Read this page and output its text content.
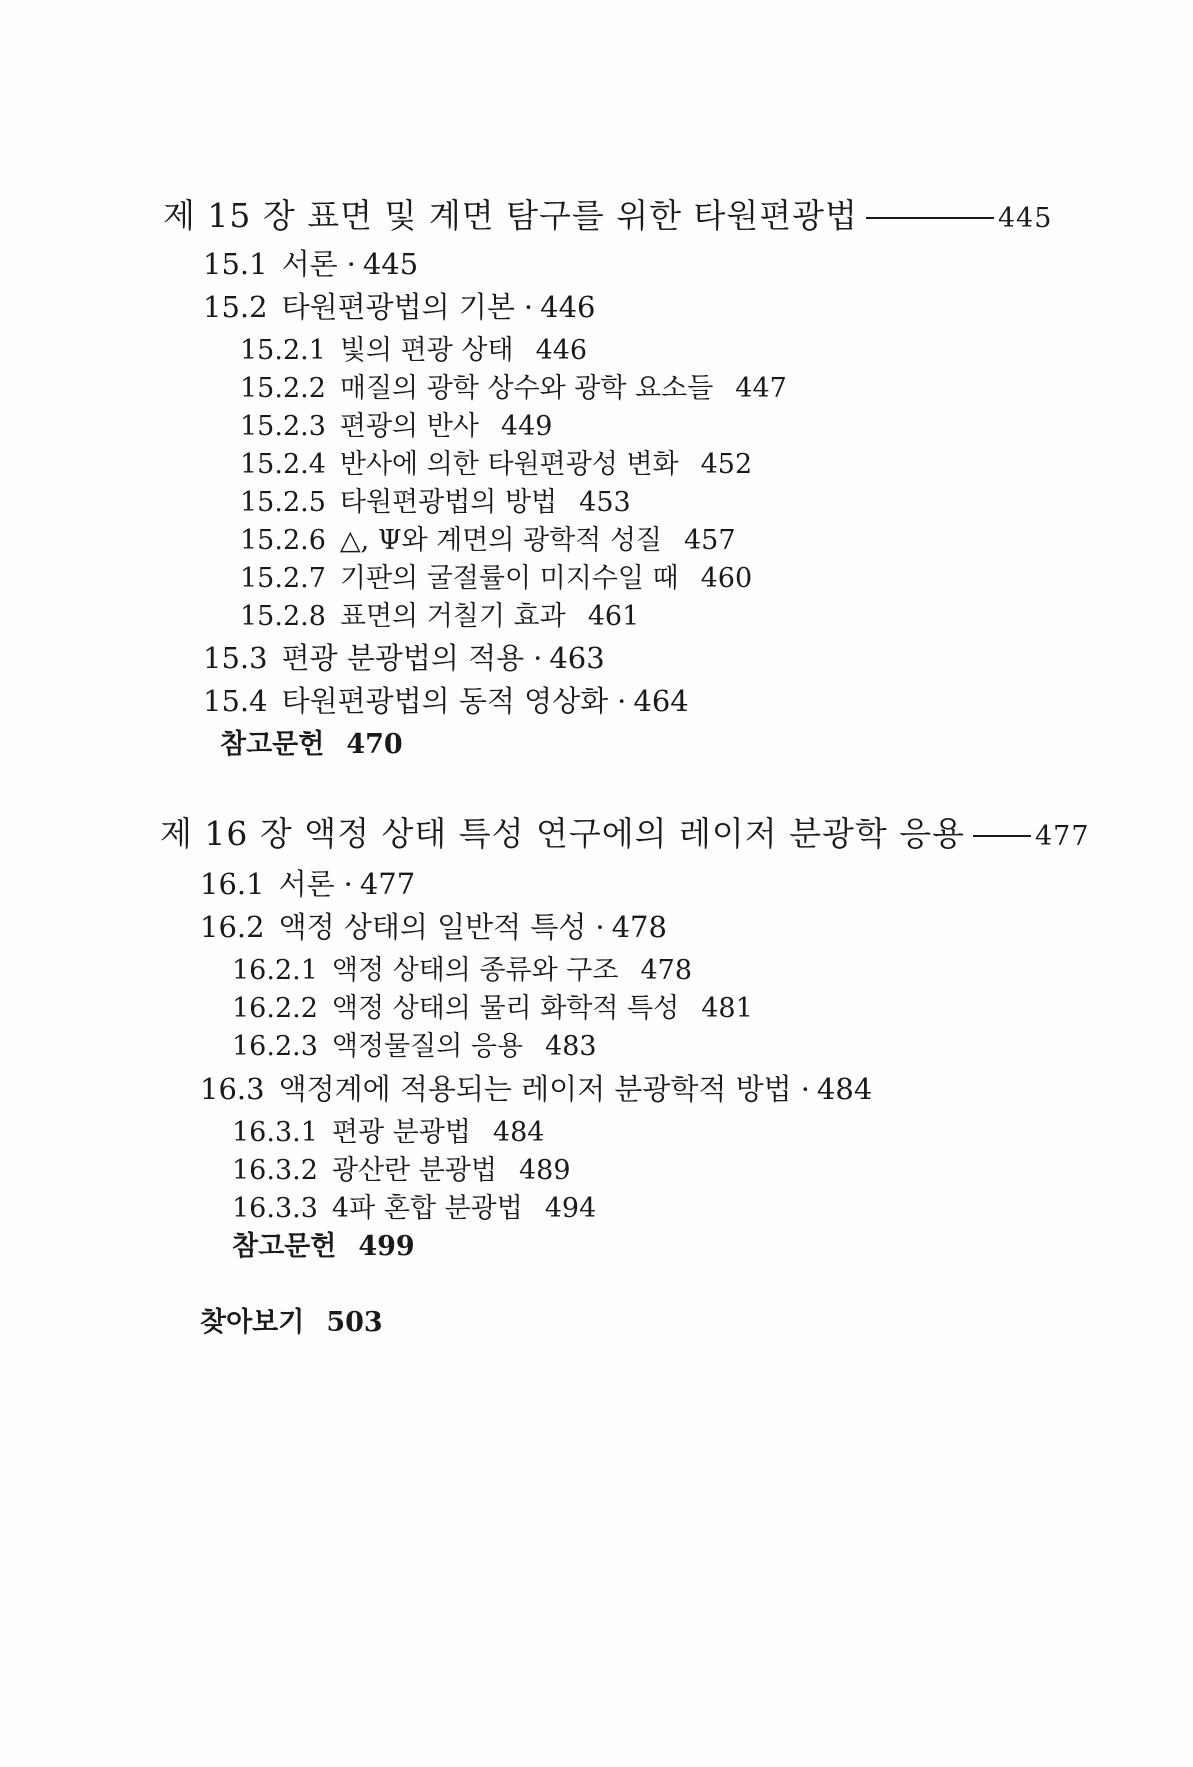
제 15 장 표면 및 계면 탐구를 위한 타원편광법	445
15.1 서론 · 445
15.2 타원편광법의 기본 · 446
15.2.1 빛의 편광 상태 446
15.2.2 매질의 광학 상수와 광학 요소들 447
15.2.3 편광의 반사 449
15.2.4 반사에 의한 타원편광성 변화 452
15.2.5 타원편광법의 방법 453
15.2.6 △, Ψ와 계면의 광학적 성질 457
15.2.7 기판의 굴절률이 미지수일 때 460
15.2.8 표면의 거칠기 효과 461
15.3 편광 분광법의 적용 · 463
15.4 타원편광법의 동적 영상화 · 464
참고문헌 470
제 16 장 액정 상태 특성 연구에의 레이저 분광학 응용	477
16.1 서론 · 477
16.2 액정 상태의 일반적 특성 · 478
16.2.1 액정 상태의 종류와 구조 478
16.2.2 액정 상태의 물리 화학적 특성 481
16.2.3 액정물질의 응용 483
16.3 액정계에 적용되는 레이저 분광학적 방법 · 484
16.3.1 편광 분광법 484
16.3.2 광산란 분광법 489
16.3.3 4파 혼합 분광법 494
참고문헌 499
찾아보기 503
